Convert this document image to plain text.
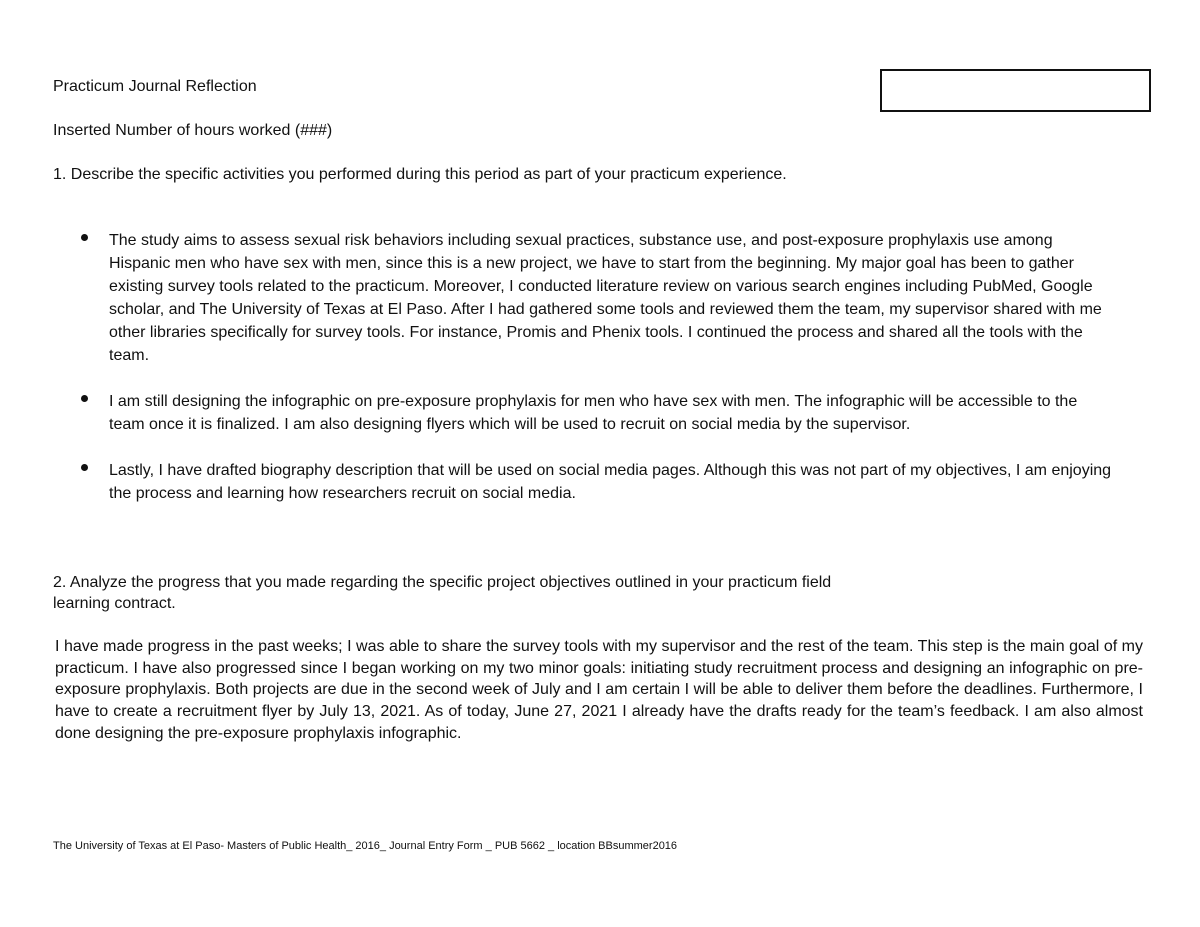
Practicum Journal Reflection
Inserted Number of hours worked (###)
1. Describe the specific activities you performed during this period as part of your practicum experience.
The study aims to assess sexual risk behaviors including sexual practices, substance use, and post-exposure prophylaxis use among Hispanic men who have sex with men, since this is a new project, we have to start from the beginning. My major goal has been to gather existing survey tools related to the practicum. Moreover, I conducted literature review on various search engines including PubMed, Google scholar, and The University of Texas at El Paso. After I had gathered some tools and reviewed them the team, my supervisor shared with me other libraries specifically for survey tools. For instance, Promis and Phenix tools. I continued the process and shared all the tools with the team.
I am still designing the infographic on pre-exposure prophylaxis for men who have sex with men. The infographic will be accessible to the team once it is finalized. I am also designing flyers which will be used to recruit on social media by the supervisor.
Lastly, I have drafted biography description that will be used on social media pages. Although this was not part of my objectives, I am enjoying the process and learning how researchers recruit on social media.
2. Analyze the progress that you made regarding the specific project objectives outlined in your practicum field learning contract.
I have made progress in the past weeks; I was able to share the survey tools with my supervisor and the rest of the team. This step is the main goal of my practicum. I have also progressed since I began working on my two minor goals: initiating study recruitment process and designing an infographic on pre-exposure prophylaxis. Both projects are due in the second week of July and I am certain I will be able to deliver them before the deadlines. Furthermore, I have to create a recruitment flyer by July 13, 2021. As of today, June 27, 2021 I already have the drafts ready for the team’s feedback. I am also almost done designing the pre-exposure prophylaxis infographic.
The University of Texas at El Paso- Masters of Public Health_ 2016_ Journal Entry Form _ PUB 5662 _ location BBsummer2016
